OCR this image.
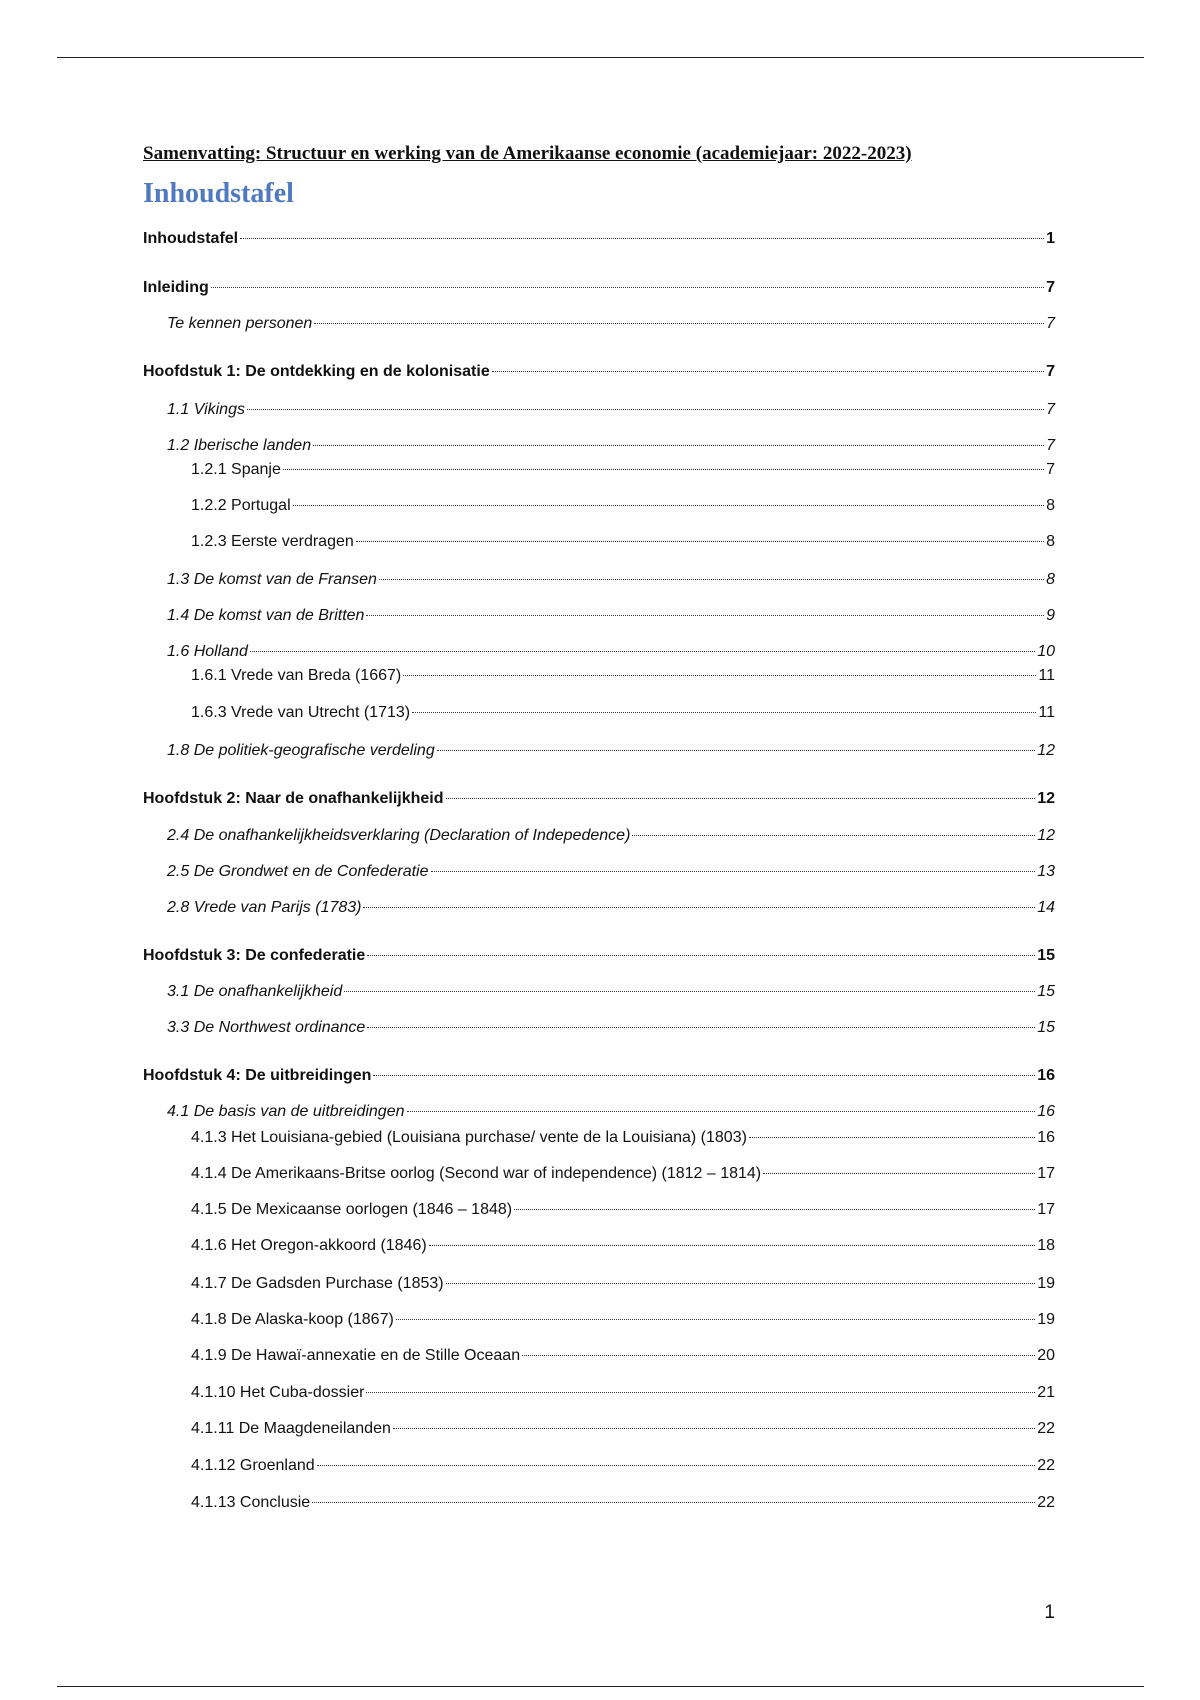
Samenvatting: Structuur en werking van de Amerikaanse economie (academiejaar: 2022-2023)
Inhoudstafel
Inhoudstafel	1
Inleiding	7
Te kennen personen	7
Hoofdstuk 1: De ontdekking en de kolonisatie	7
1.1 Vikings	7
1.2 Iberische landen	7
1.2.1 Spanje	7
1.2.2 Portugal	8
1.2.3 Eerste verdragen	8
1.3 De komst van de Fransen	8
1.4 De komst van de Britten	9
1.6 Holland	10
1.6.1 Vrede van Breda (1667)	11
1.6.3 Vrede van Utrecht (1713)	11
1.8 De politiek-geografische verdeling	12
Hoofdstuk 2: Naar de onafhankelijkheid	12
2.4 De onafhankelijkheidsverklaring (Declaration of Indepedence)	12
2.5 De Grondwet en de Confederatie	13
2.8 Vrede van Parijs (1783)	14
Hoofdstuk 3: De confederatie	15
3.1 De onafhankelijkheid	15
3.3 De Northwest ordinance	15
Hoofdstuk 4: De uitbreidingen	16
4.1 De basis van de uitbreidingen	16
4.1.3 Het Louisiana-gebied (Louisiana purchase/ vente de la Louisiana) (1803)	16
4.1.4 De Amerikaans-Britse oorlog (Second war of independence) (1812 – 1814)	17
4.1.5 De Mexicaanse oorlogen (1846 – 1848)	17
4.1.6 Het Oregon-akkoord (1846)	18
4.1.7 De Gadsden Purchase (1853)	19
4.1.8 De Alaska-koop (1867)	19
4.1.9 De Hawaï-annexatie en de Stille Oceaan	20
4.1.10 Het Cuba-dossier	21
4.1.11 De Maagdeneilanden	22
4.1.12 Groenland	22
4.1.13 Conclusie	22
1
